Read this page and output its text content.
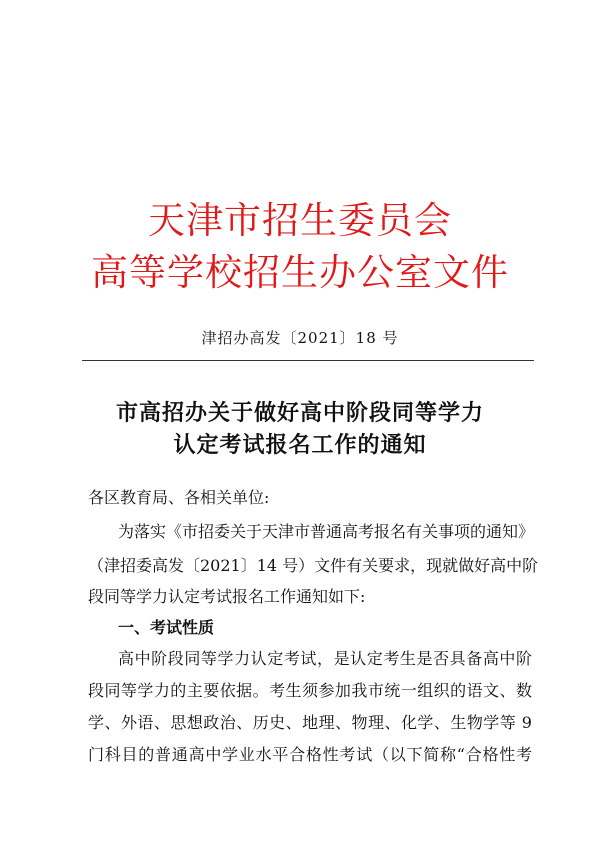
天津市招生委员会
高等学校招生办公室文件
津招办高发〔2021〕18 号
市高招办关于做好高中阶段同等学力
认定考试报名工作的通知
各区教育局、各相关单位:
为落实《市招委关于天津市普通高考报名有关事项的通知》
（津招委高发〔2021〕14 号）文件有关要求，现就做好高中阶
段同等学力认定考试报名工作通知如下:
一、考试性质
高中阶段同等学力认定考试，是认定考生是否具备高中阶
段同等学力的主要依据。考生须参加我市统一组织的语文、数
学、外语、思想政治、历史、地理、物理、化学、生物学等 9
门科目的普通高中学业水平合格性考试（以下简称“合格性考
